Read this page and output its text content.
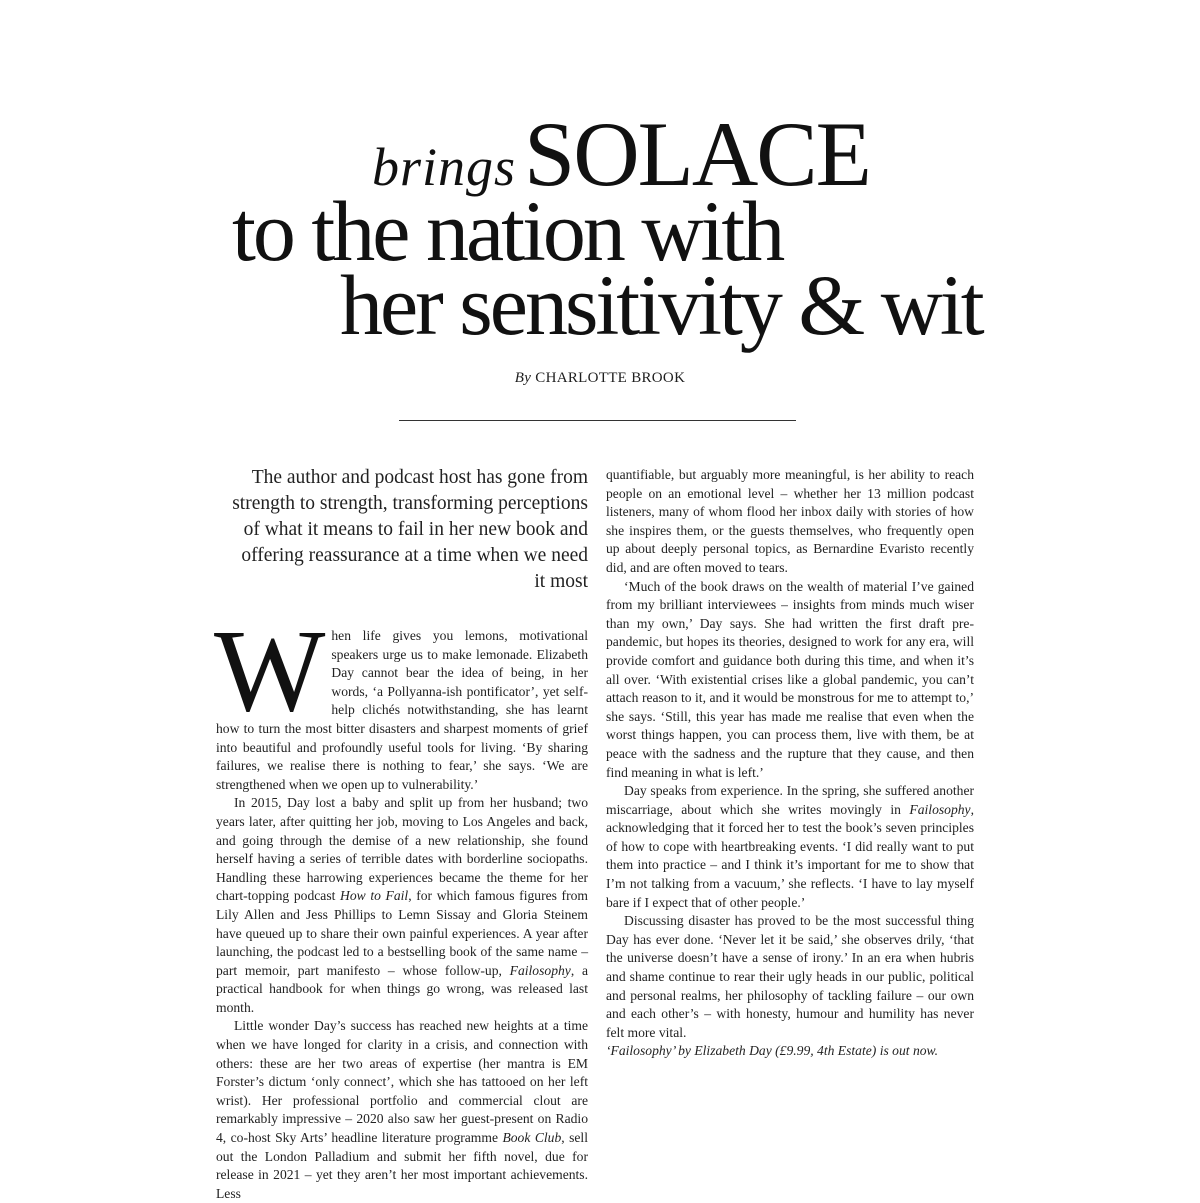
brings SOLACE
to the nation with
her sensitivity & wit
By CHARLOTTE BROOK
The author and podcast host has gone from strength to strength, transforming perceptions of what it means to fail in her new book and offering reassurance at a time when we need it most

When life gives you lemons, motivational speakers urge us to make lemonade. Elizabeth Day cannot bear the idea of being, in her words, ‘a Pollyanna-ish pontificator’, yet self-help clichés notwithstanding, she has learnt how to turn the most bitter disasters and sharpest moments of grief into beautiful and profoundly useful tools for living. ‘By sharing failures, we realise there is nothing to fear,’ she says. ‘We are strengthened when we open up to vulnerability.’

In 2015, Day lost a baby and split up from her husband; two years later, after quitting her job, moving to Los Angeles and back, and going through the demise of a new relationship, she found herself having a series of terrible dates with borderline sociopaths. Handling these harrowing experiences became the theme for her chart-topping podcast How to Fail, for which famous figures from Lily Allen and Jess Phillips to Lemn Sissay and Gloria Steinem have queued up to share their own painful experiences. A year after launching, the podcast led to a bestselling book of the same name – part memoir, part manifesto – whose follow-up, Failosophy, a practical handbook for when things go wrong, was released last month.

Little wonder Day’s success has reached new heights at a time when we have longed for clarity in a crisis, and connection with others: these are her two areas of expertise (her mantra is EM Forster’s dictum ‘only connect’, which she has tattooed on her left wrist). Her professional portfolio and commercial clout are remarkably impressive – 2020 also saw her guest-present on Radio 4, co-host Sky Arts’ headline literature programme Book Club, sell out the London Palladium and submit her fifth novel, due for release in 2021 – yet they aren’t her most important achievements. Less

quantifiable, but arguably more meaningful, is her ability to reach people on an emotional level – whether her 13 million podcast listeners, many of whom flood her inbox daily with stories of how she inspires them, or the guests themselves, who frequently open up about deeply personal topics, as Bernardine Evaristo recently did, and are often moved to tears.

‘Much of the book draws on the wealth of material I’ve gained from my brilliant interviewees – insights from minds much wiser than my own,’ Day says. She had written the first draft pre-pandemic, but hopes its theories, designed to work for any era, will provide comfort and guidance both during this time, and when it’s all over. ‘With existential crises like a global pandemic, you can’t attach reason to it, and it would be monstrous for me to attempt to,’ she says. ‘Still, this year has made me realise that even when the worst things happen, you can process them, live with them, be at peace with the sadness and the rupture that they cause, and then find meaning in what is left.’

Day speaks from experience. In the spring, she suffered another miscarriage, about which she writes movingly in Failosophy, acknowledging that it forced her to test the book’s seven principles of how to cope with heartbreaking events. ‘I did really want to put them into practice – and I think it’s important for me to show that I’m not talking from a vacuum,’ she reflects. ‘I have to lay myself bare if I expect that of other people.’

Discussing disaster has proved to be the most successful thing Day has ever done. ‘Never let it be said,’ she observes drily, ‘that the universe doesn’t have a sense of irony.’ In an era when hubris and shame continue to rear their ugly heads in our public, political and personal realms, her philosophy of tackling failure – our own and each other’s – with honesty, humour and humility has never felt more vital.

‘Failosophy’ by Elizabeth Day (£9.99, 4th Estate) is out now.
